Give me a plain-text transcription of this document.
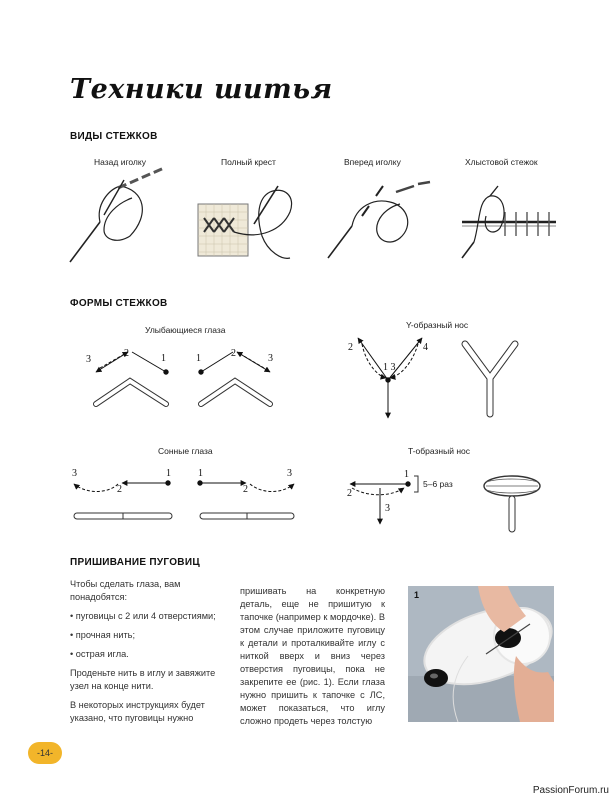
Техники шитья
ВИДЫ СТЕЖКОВ
ФОРМЫ СТЕЖКОВ
ПРИШИВАНИЕ ПУГОВИЦ
Назад иголку	Полный крест	Вперед иголку	Хлыстовой стежок
Улыбающиеся глаза
Сонные глаза
Y-образный нос
T-образный нос
3
2	1	1	2	3
3
2
1	1
2
3
2	4
1 3
1
2
3
5–6 раз

Чтобы сделать глаза, вам понадобятся:

• пуговицы с 2 или 4 отверстиями;

• прочная нить;

• острая игла.

Проденьте нить в иглу и завяжите узел на конце нити.

В некоторых инструкциях будет указано, что пуговицы нужно

пришивать на конкретную деталь, еще не пришитую к тапочке (например к мордочке). В этом случае приложите пуговицу к детали и проталкивайте иглу с ниткой вверх и вниз через отверстия пуговицы, пока не закрепите ее (рис. 1). Если глаза нужно пришить к тапочке с ЛС, может показаться, что иглу сложно продеть через толстую

1
-14-
PassionForum.ru
